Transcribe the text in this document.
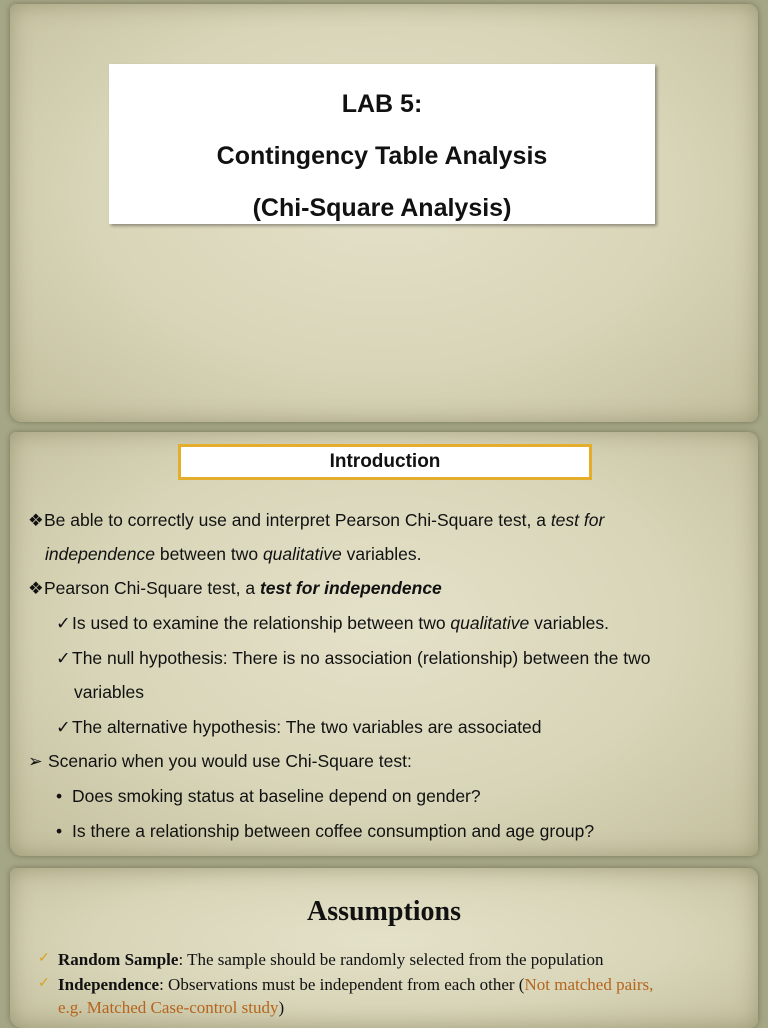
LAB 5:
Contingency Table Analysis
(Chi-Square Analysis)
Introduction
❖Be able to correctly use and interpret Pearson Chi-Square test, a test for
independence between two qualitative variables.
❖Pearson Chi-Square test, a test for independence
✓Is used to examine the relationship between two qualitative variables.
✓The null hypothesis: There is no association (relationship) between the two
variables
✓The alternative hypothesis: The two variables are associated
➢ Scenario when you would use Chi-Square test:
• Does smoking status at baseline depend on gender?
• Is there a relationship between coffee consumption and age group?
Assumptions
✓ Random Sample: The sample should be randomly selected from the population
✓ Independence: Observations must be independent from each other (Not matched pairs,
e.g. Matched Case-control study)
